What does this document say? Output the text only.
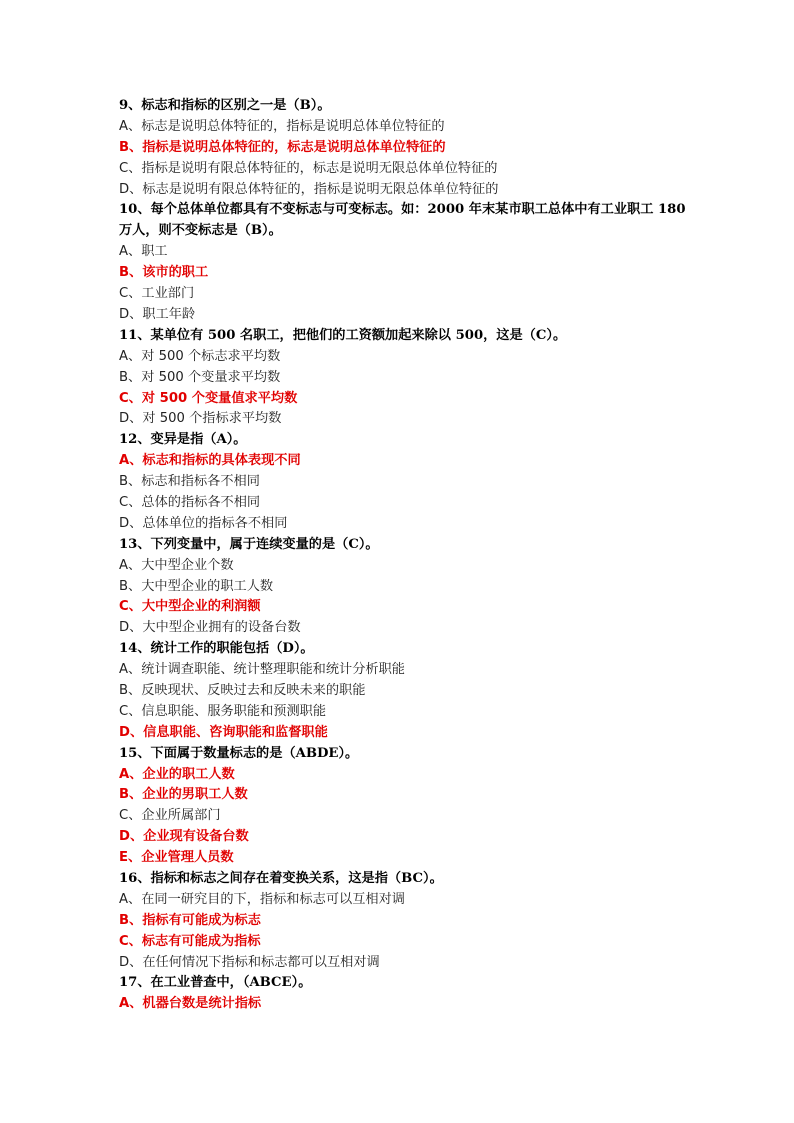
9、标志和指标的区别之一是（B）。
A、标志是说明总体特征的，指标是说明总体单位特征的
B、指标是说明总体特征的，标志是说明总体单位特征的
C、指标是说明有限总体特征的，标志是说明无限总体单位特征的
D、标志是说明有限总体特征的，指标是说明无限总体单位特征的
10、每个总体单位都具有不变标志与可变标志。如：2000 年末某市职工总体中有工业职工 180 万人，则不变标志是（B）。
A、职工
B、该市的职工
C、工业部门
D、职工年龄
11、某单位有 500 名职工，把他们的工资额加起来除以 500，这是（C）。
A、对 500 个标志求平均数
B、对 500 个变量求平均数
C、对 500 个变量值求平均数
D、对 500 个指标求平均数
12、变异是指（A）。
A、标志和指标的具体表现不同
B、标志和指标各不相同
C、总体的指标各不相同
D、总体单位的指标各不相同
13、下列变量中，属于连续变量的是（C）。
A、大中型企业个数
B、大中型企业的职工人数
C、大中型企业的利润额
D、大中型企业拥有的设备台数
14、统计工作的职能包括（D）。
A、统计调查职能、统计整理职能和统计分析职能
B、反映现状、反映过去和反映未来的职能
C、信息职能、服务职能和预测职能
D、信息职能、咨询职能和监督职能
15、下面属于数量标志的是（ABDE）。
A、企业的职工人数
B、企业的男职工人数
C、企业所属部门
D、企业现有设备台数
E、企业管理人员数
16、指标和标志之间存在着变换关系，这是指（BC）。
A、在同一研究目的下，指标和标志可以互相对调
B、指标有可能成为标志
C、标志有可能成为指标
D、在任何情况下指标和标志都可以互相对调
17、在工业普查中，（ABCE）。
A、机器台数是统计指标
